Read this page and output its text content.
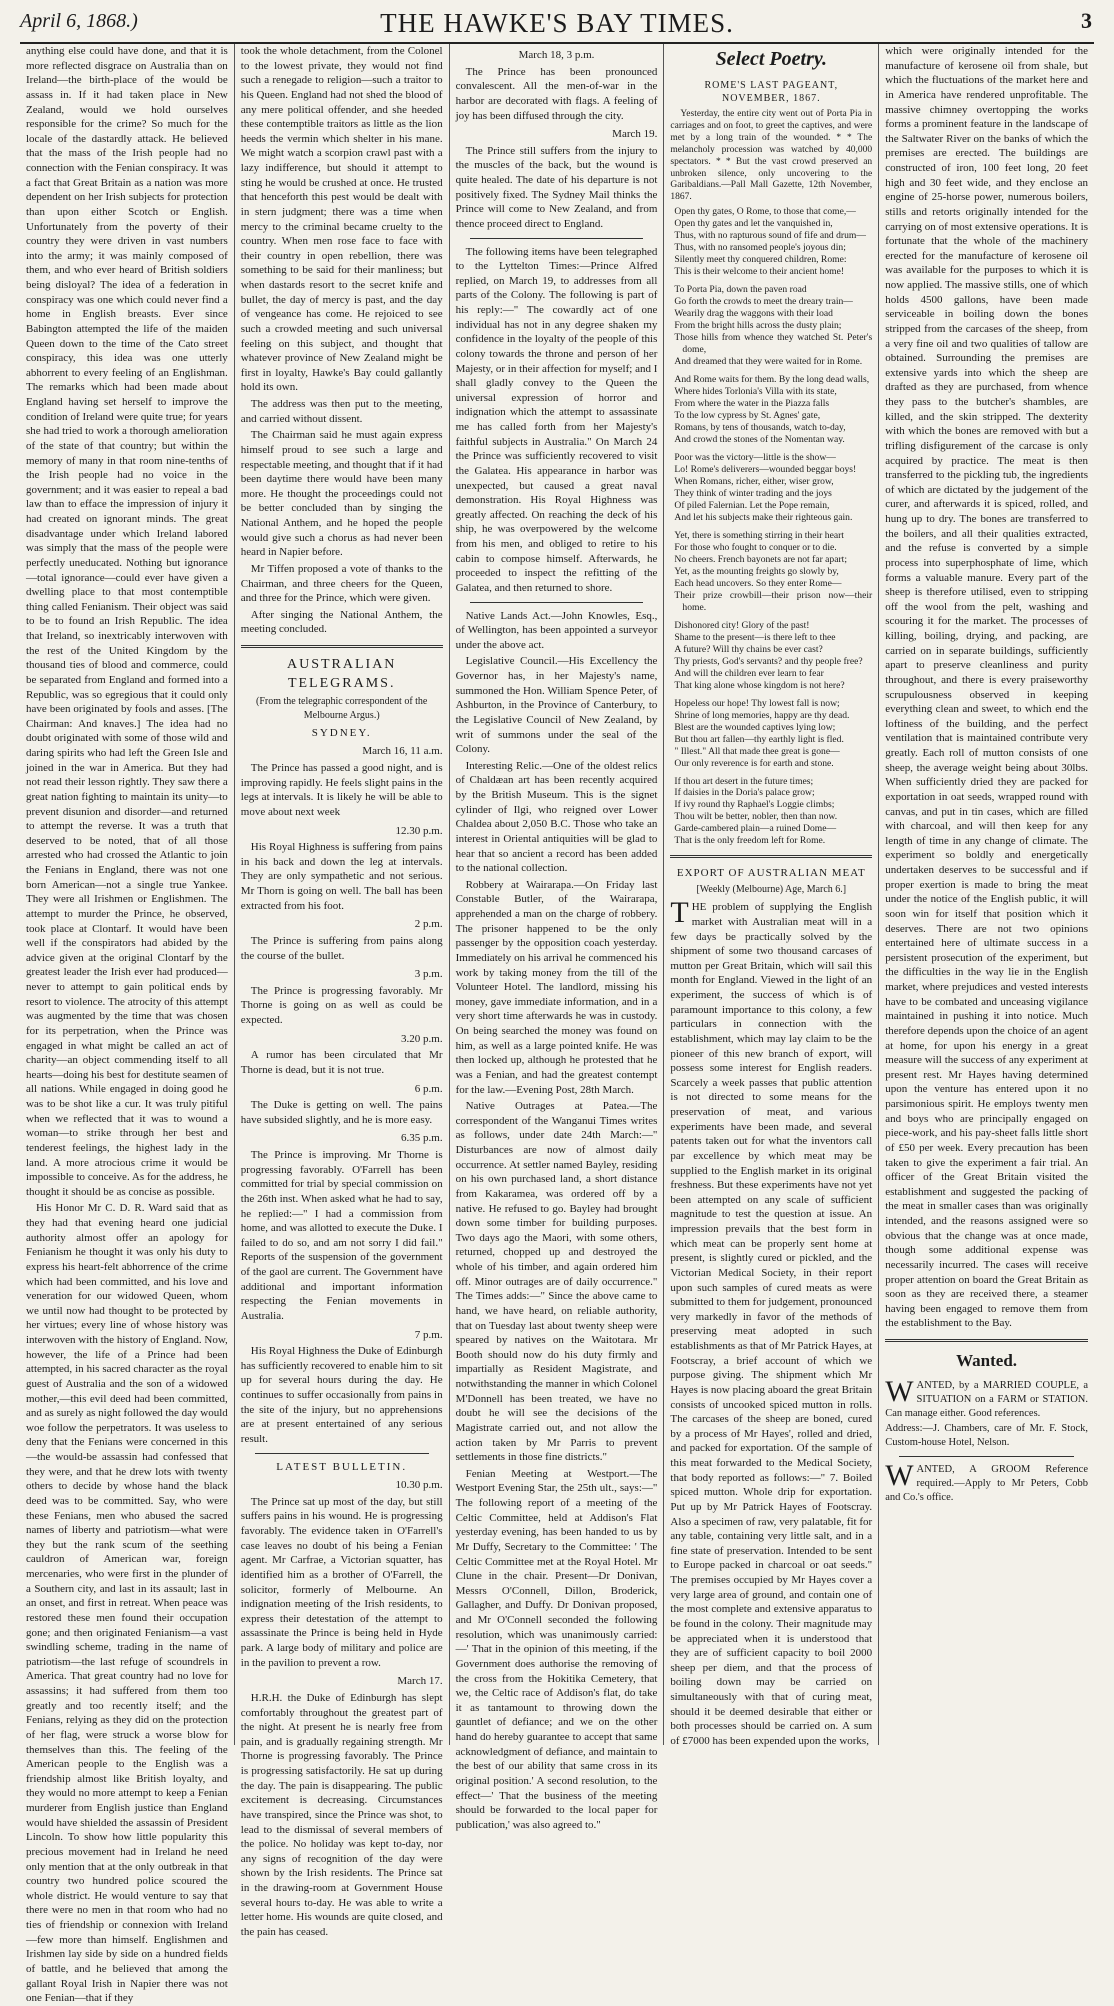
April 6, 1868.)	THE HAWKE'S BAY TIMES.	3

anything else could have done, and that it is more reflected disgrace on Australia than on Ireland—the birth-place of the would be assass in. If it had taken place in New Zealand, would we hold ourselves responsible for the crime? So much for the locale of the dastardly attack. He believed that the mass of the Irish people had no connection with the Fenian conspiracy. It was a fact that Great Britain as a nation was more dependent on her Irish subjects for protection than upon either Scotch or English. Unfortunately from the poverty of their country they were driven in vast numbers into the army; it was mainly composed of them, and who ever heard of British soldiers being disloyal? The idea of a federation in conspiracy was one which could never find a home in English breasts. Ever since Babington attempted the life of the maiden Queen down to the time of the Cato street conspiracy, this idea was one utterly abhorrent to every feeling of an Englishman. The remarks which had been made about England having set herself to improve the condition of Ireland were quite true; for years she had tried to work a thorough amelioration of the state of that country; but within the memory of many in that room nine-tenths of the Irish people had no voice in the government; and it was easier to repeal a bad law than to efface the impression of injury it had created on ignorant minds. The great disadvantage under which Ireland labored was simply that the mass of the people were perfectly uneducated. Nothing but ignorance—total ignorance—could ever have given a dwelling place to that most contemptible thing called Fenianism. Their object was said to be to found an Irish Republic. The idea that Ireland, so inextricably interwoven with the rest of the United Kingdom by the thousand ties of blood and commerce, could be separated from England and formed into a Republic, was so egregious that it could only have been originated by fools and asses. [The Chairman: And knaves.] The idea had no doubt originated with some of those wild and daring spirits who had left the Green Isle and joined in the war in America. But they had not read their lesson rightly. They saw there a great nation fighting to maintain its unity—to prevent disunion and disorder—and returned to attempt the reverse. It was a truth that deserved to be noted, that of all those arrested who had crossed the Atlantic to join the Fenians in England, there was not one born American—not a single true Yankee. They were all Irishmen or Englishmen. The attempt to murder the Prince, he observed, took place at Clontarf. It would have been well if the conspirators had abided by the advice given at the original Clontarf by the greatest leader the Irish ever had produced—never to attempt to gain political ends by resort to violence. The atrocity of this attempt was augmented by the time that was chosen for its perpetration, when the Prince was engaged in what might be called an act of charity—an object commending itself to all hearts—doing his best for destitute seamen of all nations. While engaged in doing good he was to be shot like a cur. It was truly pitiful when we reflected that it was to wound a woman—to strike through her best and tenderest feelings, the highest lady in the land. A more atrocious crime it would be impossible to conceive. As for the address, he thought it should be as concise as possible.

His Honor Mr C. D. R. Ward said that as they had that evening heard one judicial authority almost offer an apology for Fenianism he thought it was only his duty to express his heart-felt abhorrence of the crime which had been committed, and his love and veneration for our widowed Queen, whom we until now had thought to be protected by her virtues; every line of whose history was interwoven with the history of England. Now, however, the life of a Prince had been attempted, in his sacred character as the royal guest of Australia and the son of a widowed mother,—this evil deed had been committed, and as surely as night followed the day would woe follow the perpetrators. It was useless to deny that the Fenians were concerned in this—the would-be assassin had confessed that they were, and that he drew lots with twenty others to decide by whose hand the black deed was to be committed. Say, who were these Fenians, men who abused the sacred names of liberty and patriotism—what were they but the rank scum of the seething cauldron of American war, foreign mercenaries, who were first in the plunder of a Southern city, and last in its assault; last in an onset, and first in retreat. When peace was restored these men found their occupation gone; and then originated Fenianism—a vast swindling scheme, trading in the name of patriotism—the last refuge of scoundrels in America. That great country had no love for assassins; it had suffered from them too greatly and too recently itself; and the Fenians, relying as they did on the protection of her flag, were struck a worse blow for themselves than this. The feeling of the American people to the English was a friendship almost like British loyalty, and they would no more attempt to keep a Fenian murderer from English justice than England would have shielded the assassin of President Lincoln. To show how little popularity this precious movement had in Ireland he need only mention that at the only outbreak in that country two hundred police scoured the whole district. He would venture to say that there were no men in that room who had no ties of friendship or connexion with Ireland—few more than himself. Englishmen and Irishmen lay side by side on a hundred fields of battle, and he believed that among the gallant Royal Irish in Napier there was not one Fenian—that if they

took the whole detachment, from the Colonel to the lowest private, they would not find such a renegade to religion—such a traitor to his Queen. England had not shed the blood of any mere political offender, and she heeded these contemptible traitors as little as the lion heeds the vermin which shelter in his mane. We might watch a scorpion crawl past with a lazy indifference, but should it attempt to sting he would be crushed at once. He trusted that henceforth this pest would be dealt with in stern judgment; there was a time when mercy to the criminal became cruelty to the country. When men rose face to face with their country in open rebellion, there was something to be said for their manliness; but when dastards resort to the secret knife and bullet, the day of mercy is past, and the day of vengeance has come. He rejoiced to see such a crowded meeting and such universal feeling on this subject, and thought that whatever province of New Zealand might be first in loyalty, Hawke's Bay could gallantly hold its own.

The address was then put to the meeting, and carried without dissent.

The Chairman said he must again express himself proud to see such a large and respectable meeting, and thought that if it had been daytime there would have been many more. He thought the proceedings could not be better concluded than by singing the National Anthem, and he hoped the people would give such a chorus as had never been heard in Napier before.

Mr Tiffen proposed a vote of thanks to the Chairman, and three cheers for the Queen, and three for the Prince, which were given.

After singing the National Anthem, the meeting concluded.

AUSTRALIAN TELEGRAMS.
(From the telegraphic correspondent of the Melbourne Argus.)
SYDNEY.
March 16, 11 a.m.

The Prince has passed a good night, and is improving rapidly. He feels slight pains in the legs at intervals. It is likely he will be able to move about next week

12.30 p.m.

His Royal Highness is suffering from pains in his back and down the leg at intervals. They are only sympathetic and not serious. Mr Thorn is going on well. The ball has been extracted from his foot.

2 p.m.

The Prince is suffering from pains along the course of the bullet.

3 p.m.

The Prince is progressing favorably. Mr Thorne is going on as well as could be expected.

3.20 p.m.

A rumor has been circulated that Mr Thorne is dead, but it is not true.

6 p.m.

The Duke is getting on well. The pains have subsided slightly, and he is more easy.

6.35 p.m.

The Prince is improving. Mr Thorne is progressing favorably. O'Farrell has been committed for trial by special commission on the 26th inst. When asked what he had to say, he replied:—" I had a commission from home, and was allotted to execute the Duke. I failed to do so, and am not sorry I did fail." Reports of the suspension of the government of the gaol are current. The Government have additional and important information respecting the Fenian movements in Australia.

7 p.m.

His Royal Highness the Duke of Edinburgh has sufficiently recovered to enable him to sit up for several hours during the day. He continues to suffer occasionally from pains in the site of the injury, but no apprehensions are at present entertained of any serious result.

LATEST BULLETIN.
10.30 p.m.

The Prince sat up most of the day, but still suffers pains in his wound. He is progressing favorably. The evidence taken in O'Farrell's case leaves no doubt of his being a Fenian agent. Mr Carfrae, a Victorian squatter, has identified him as a brother of O'Farrell, the solicitor, formerly of Melbourne. An indignation meeting of the Irish residents, to express their detestation of the attempt to assassinate the Prince is being held in Hyde park. A large body of military and police are in the pavilion to prevent a row.

March 17.

H.R.H. the Duke of Edinburgh has slept comfortably throughout the greatest part of the night. At present he is nearly free from pain, and is gradually regaining strength. Mr Thorne is progressing favorably. The Prince is progressing satisfactorily. He sat up during the day. The pain is disappearing. The public excitement is decreasing. Circumstances have transpired, since the Prince was shot, to lead to the dismissal of several members of the police. No holiday was kept to-day, nor any signs of recognition of the day were shown by the Irish residents. The Prince sat in the drawing-room at Government House several hours to-day. He was able to write a letter home. His wounds are quite closed, and the pain has ceased.

March 18, 3 p.m.

The Prince has been pronounced convalescent. All the men-of-war in the harbor are decorated with flags. A feeling of joy has been diffused through the city.

March 19.

The Prince still suffers from the injury to the muscles of the back, but the wound is quite healed. The date of his departure is not positively fixed. The Sydney Mail thinks the Prince will come to New Zealand, and from thence proceed direct to England.

The following items have been telegraphed to the Lyttelton Times:—Prince Alfred replied, on March 19, to addresses from all parts of the Colony. The following is part of his reply:—" The cowardly act of one individual has not in any degree shaken my confidence in the loyalty of the people of this colony towards the throne and person of her Majesty, or in their affection for myself; and I shall gladly convey to the Queen the universal expression of horror and indignation which the attempt to assassinate me has called forth from her Majesty's faithful subjects in Australia." On March 24 the Prince was sufficiently recovered to visit the Galatea. His appearance in harbor was unexpected, but caused a great naval demonstration. His Royal Highness was greatly affected. On reaching the deck of his ship, he was overpowered by the welcome from his men, and obliged to retire to his cabin to compose himself. Afterwards, he proceeded to inspect the refitting of the Galatea, and then returned to shore.

Native Lands Act.—John Knowles, Esq., of Wellington, has been appointed a surveyor under the above act.

Legislative Council.—His Excellency the Governor has, in her Majesty's name, summoned the Hon. William Spence Peter, of Ashburton, in the Province of Canterbury, to the Legislative Council of New Zealand, by writ of summons under the seal of the Colony.

Interesting Relic.—One of the oldest relics of Chaldæan art has been recently acquired by the British Museum. This is the signet cylinder of Ilgi, who reigned over Lower Chaldea about 2,050 B.C. Those who take an interest in Oriental antiquities will be glad to hear that so ancient a record has been added to the national collection.

Robbery at Wairarapa.—On Friday last Constable Butler, of the Wairarapa, apprehended a man on the charge of robbery. The prisoner happened to be the only passenger by the opposition coach yesterday. Immediately on his arrival he commenced his work by taking money from the till of the Volunteer Hotel. The landlord, missing his money, gave immediate information, and in a very short time afterwards he was in custody. On being searched the money was found on him, as well as a large pointed knife. He was then locked up, although he protested that he was a Fenian, and had the greatest contempt for the law.—Evening Post, 28th March.

Native Outrages at Patea.—The correspondent of the Wanganui Times writes as follows, under date 24th March:—" Disturbances are now of almost daily occurrence. At settler named Bayley, residing on his own purchased land, a short distance from Kakaramea, was ordered off by a native. He refused to go. Bayley had brought down some timber for building purposes. Two days ago the Maori, with some others, returned, chopped up and destroyed the whole of his timber, and again ordered him off. Minor outrages are of daily occurrence." The Times adds:—" Since the above came to hand, we have heard, on reliable authority, that on Tuesday last about twenty sheep were speared by natives on the Waitotara. Mr Booth should now do his duty firmly and impartially as Resident Magistrate, and notwithstanding the manner in which Colonel M'Donnell has been treated, we have no doubt he will see the decisions of the Magistrate carried out, and not allow the action taken by Mr Parris to prevent settlements in those fine districts."

Fenian Meeting at Westport.—The Westport Evening Star, the 25th ult., says:—" The following report of a meeting of the Celtic Committee, held at Addison's Flat yesterday evening, has been handed to us by Mr Duffy, Secretary to the Committee: ' The Celtic Committee met at the Royal Hotel. Mr Clune in the chair. Present—Dr Donivan, Messrs O'Connell, Dillon, Broderick, Gallagher, and Duffy. Dr Donivan proposed, and Mr O'Connell seconded the following resolution, which was unanimously carried:—' That in the opinion of this meeting, if the Government does authorise the removing of the cross from the Hokitika Cemetery, that we, the Celtic race of Addison's flat, do take it as tantamount to throwing down the gauntlet of defiance; and we on the other hand do hereby guarantee to accept that same acknowledgment of defiance, and maintain to the best of our ability that same cross in its original position.' A second resolution, to the effect—' That the business of the meeting should be forwarded to the local paper for publication,' was also agreed to."

Select Poetry.
ROME'S LAST PAGEANT, NOVEMBER, 1867.

Yesterday, the entire city went out of Porta Pia in carriages and on foot, to greet the captives, and were met by a long train of the wounded. * * The melancholy procession was watched by 40,000 spectators. * * But the vast crowd preserved an unbroken silence, only uncovering to the Garibaldians.—Pall Mall Gazette, 12th November, 1867.

Open thy gates, O Rome, to those that come,—
Open thy gates and let the vanquished in,
Thus, with no rapturous sound of fife and drum—
Thus, with no ransomed people's joyous din;
Silently meet thy conquered children, Rome:
This is their welcome to their ancient home!
To Porta Pia, down the paven road
Go forth the crowds to meet the dreary train—
Wearily drag the waggons with their load
From the bright hills across the dusty plain;
Those hills from whence they watched St. Peter's dome,
And dreamed that they were waited for in Rome.
And Rome waits for them. By the long dead walls,
Where hides Torlonia's Villa with its state,
From where the water in the Piazza falls
To the low cypress by St. Agnes' gate,
Romans, by tens of thousands, watch to-day,
And crowd the stones of the Nomentan way.
Poor was the victory—little is the show—
Lo! Rome's deliverers—wounded beggar boys!
When Romans, richer, either, wiser grow,
They think of winter trading and the joys
Of piled Falernian. Let the Pope remain,
And let his subjects make their righteous gain.
Yet, there is something stirring in their heart
For those who fought to conquer or to die.
No cheers. French bayonets are not far apart;
Yet, as the mounting freights go slowly by,
Each head uncovers. So they enter Rome—
Their prize crowbill—their prison now—their home.
Dishonored city! Glory of the past!
Shame to the present—is there left to thee
A future? Will thy chains be ever cast?
Thy priests, God's servants? and thy people free?
And will the children ever learn to fear
That king alone whose kingdom is not here?
Hopeless our hope! Thy lowest fall is now;
Shrine of long memories, happy are thy dead.
Blest are the wounded captives lying low;
But thou art fallen—thy earthly light is fled.
" Illest." All that made thee great is gone—
Our only reverence is for earth and stone.
If thou art desert in the future times;
If daisies in the Doria's palace grow;
If ivy round thy Raphael's Loggie climbs;
Thou wilt be better, nobler, then than now.
Garde-cambered plain—a ruined Dome—
That is the only freedom left for Rome.
EXPORT OF AUSTRALIAN MEAT
[Weekly (Melbourne) Age, March 6.]

THE problem of supplying the English market with Australian meat will in a few days be practically solved by the shipment of some two thousand carcases of mutton per Great Britain, which will sail this month for England. Viewed in the light of an experiment, the success of which is of paramount importance to this colony, a few particulars in connection with the establishment, which may lay claim to be the pioneer of this new branch of export, will possess some interest for English readers. Scarcely a week passes that public attention is not directed to some means for the preservation of meat, and various experiments have been made, and several patents taken out for what the inventors call par excellence by which meat may be supplied to the English market in its original freshness. But these experiments have not yet been attempted on any scale of sufficient magnitude to test the question at issue. An impression prevails that the best form in which meat can be properly sent home at present, is slightly cured or pickled, and the Victorian Medical Society, in their report upon such samples of cured meats as were submitted to them for judgement, pronounced very markedly in favor of the methods of preserving meat adopted in such establishments as that of Mr Patrick Hayes, at Footscray, a brief account of which we purpose giving. The shipment which Mr Hayes is now placing aboard the great Britain consists of uncooked spiced mutton in rolls. The carcases of the sheep are boned, cured by a process of Mr Hayes', rolled and dried, and packed for exportation. Of the sample of this meat forwarded to the Medical Society, that body reported as follows:—" 7. Boiled spiced mutton. Whole drip for exportation. Put up by Mr Patrick Hayes of Footscray. Also a specimen of raw, very palatable, fit for any table, containing very little salt, and in a fine state of preservation. Intended to be sent to Europe packed in charcoal or oat seeds." The premises occupied by Mr Hayes cover a very large area of ground, and contain one of the most complete and extensive apparatus to be found in the colony. Their magnitude may be appreciated when it is understood that they are of sufficient capacity to boil 2000 sheep per diem, and that the process of boiling down may be carried on simultaneously with that of curing meat, should it be deemed desirable that either or both processes should be carried on. A sum of £7000 has been expended upon the works,

which were originally intended for the manufacture of kerosene oil from shale, but which the fluctuations of the market here and in America have rendered unprofitable. The massive chimney overtopping the works forms a prominent feature in the landscape of the Saltwater River on the banks of which the premises are erected. The buildings are constructed of iron, 100 feet long, 20 feet high and 30 feet wide, and they enclose an engine of 25-horse power, numerous boilers, stills and retorts originally intended for the carrying on of most extensive operations. It is fortunate that the whole of the machinery erected for the manufacture of kerosene oil was available for the purposes to which it is now applied. The massive stills, one of which holds 4500 gallons, have been made serviceable in boiling down the bones stripped from the carcases of the sheep, from a very fine oil and two qualities of tallow are obtained. Surrounding the premises are extensive yards into which the sheep are drafted as they are purchased, from whence they pass to the butcher's shambles, are killed, and the skin stripped. The dexterity with which the bones are removed with but a trifling disfigurement of the carcase is only acquired by practice. The meat is then transferred to the pickling tub, the ingredients of which are dictated by the judgement of the curer, and afterwards it is spiced, rolled, and hung up to dry. The bones are transferred to the boilers, and all their qualities extracted, and the refuse is converted by a simple process into superphosphate of lime, which forms a valuable manure. Every part of the sheep is therefore utilised, even to stripping off the wool from the pelt, washing and scouring it for the market. The processes of killing, boiling, drying, and packing, are carried on in separate buildings, sufficiently apart to preserve cleanliness and purity throughout, and there is every praiseworthy scrupulousness observed in keeping everything clean and sweet, to which end the loftiness of the building, and the perfect ventilation that is maintained contribute very greatly. Each roll of mutton consists of one sheep, the average weight being about 30lbs. When sufficiently dried they are packed for exportation in oat seeds, wrapped round with canvas, and put in tin cases, which are filled with charcoal, and will then keep for any length of time in any change of climate. The experiment so boldly and energetically undertaken deserves to be successful and if proper exertion is made to bring the meat under the notice of the English public, it will soon win for itself that position which it deserves. There are not two opinions entertained here of ultimate success in a persistent prosecution of the experiment, but the difficulties in the way lie in the English market, where prejudices and vested interests have to be combated and unceasing vigilance maintained in pushing it into notice. Much therefore depends upon the choice of an agent at home, for upon his energy in a great measure will the success of any experiment at present rest. Mr Hayes having determined upon the venture has entered upon it no parsimonious spirit. He employs twenty men and boys who are principally engaged on piece-work, and his pay-sheet falls little short of £50 per week. Every precaution has been taken to give the experiment a fair trial. An officer of the Great Britain visited the establishment and suggested the packing of the meat in smaller cases than was originally intended, and the reasons assigned were so obvious that the change was at once made, though some additional expense was necessarily incurred. The cases will receive proper attention on board the Great Britain as soon as they are received there, a steamer having been engaged to remove them from the establishment to the Bay.

Wanted.
W ANTED, by a MARRIED COUPLE, a SITUATION on a FARM or STATION. Can manage either. Good references.
Address:—J. Chambers, care of Mr. F. Stock, Custom-house Hotel, Nelson.
W ANTED, A GROOM Reference required.—Apply to Mr Peters, Cobb and Co.'s office.
